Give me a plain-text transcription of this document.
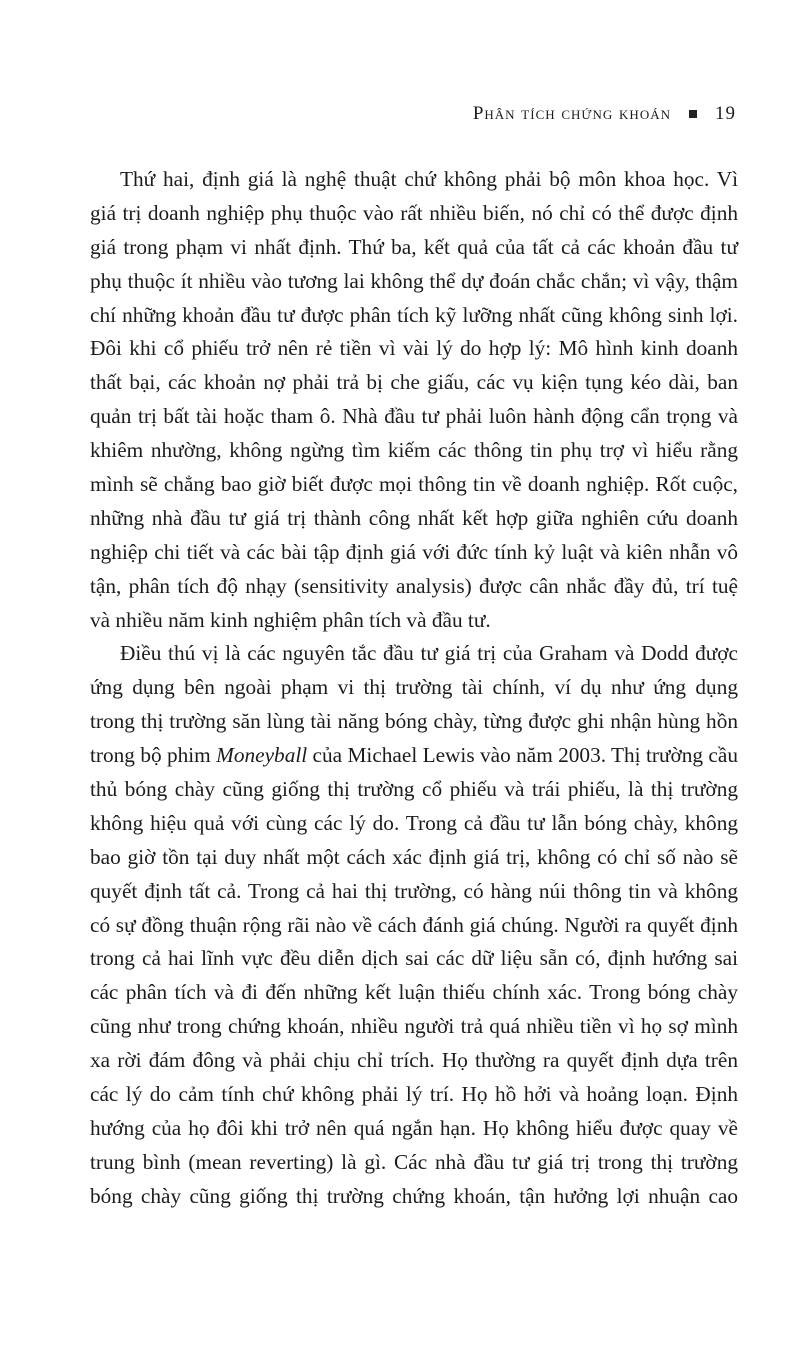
Phân tích chứng khoán 19
Thứ hai, định giá là nghệ thuật chứ không phải bộ môn khoa học. Vì
giá trị doanh nghiệp phụ thuộc vào rất nhiều biến, nó chỉ có thể được định
giá trong phạm vi nhất định. Thứ ba, kết quả của tất cả các khoản đầu tư
phụ thuộc ít nhiều vào tương lai không thể dự đoán chắc chắn; vì vậy, thậm
chí những khoản đầu tư được phân tích kỹ lưỡng nhất cũng không sinh lợi.
Đôi khi cổ phiếu trở nên rẻ tiền vì vài lý do hợp lý: Mô hình kinh doanh
thất bại, các khoản nợ phải trả bị che giấu, các vụ kiện tụng kéo dài, ban
quản trị bất tài hoặc tham ô. Nhà đầu tư phải luôn hành động cẩn trọng và
khiêm nhường, không ngừng tìm kiếm các thông tin phụ trợ vì hiểu rằng
mình sẽ chẳng bao giờ biết được mọi thông tin về doanh nghiệp. Rốt cuộc,
những nhà đầu tư giá trị thành công nhất kết hợp giữa nghiên cứu doanh
nghiệp chi tiết và các bài tập định giá với đức tính kỷ luật và kiên nhẫn vô
tận, phân tích độ nhạy (sensitivity analysis) được cân nhắc đầy đủ, trí tuệ
và nhiều năm kinh nghiệm phân tích và đầu tư.
Điều thú vị là các nguyên tắc đầu tư giá trị của Graham và Dodd được
ứng dụng bên ngoài phạm vi thị trường tài chính, ví dụ như ứng dụng
trong thị trường săn lùng tài năng bóng chày, từng được ghi nhận hùng hồn
trong bộ phim Moneyball của Michael Lewis vào năm 2003. Thị trường cầu
thủ bóng chày cũng giống thị trường cổ phiếu và trái phiếu, là thị trường
không hiệu quả với cùng các lý do. Trong cả đầu tư lẫn bóng chày, không
bao giờ tồn tại duy nhất một cách xác định giá trị, không có chỉ số nào sẽ
quyết định tất cả. Trong cả hai thị trường, có hàng núi thông tin và không
có sự đồng thuận rộng rãi nào về cách đánh giá chúng. Người ra quyết định
trong cả hai lĩnh vực đều diễn dịch sai các dữ liệu sẵn có, định hướng sai
các phân tích và đi đến những kết luận thiếu chính xác. Trong bóng chày
cũng như trong chứng khoán, nhiều người trả quá nhiều tiền vì họ sợ mình
xa rời đám đông và phải chịu chỉ trích. Họ thường ra quyết định dựa trên
các lý do cảm tính chứ không phải lý trí. Họ hồ hởi và hoảng loạn. Định
hướng của họ đôi khi trở nên quá ngắn hạn. Họ không hiểu được quay về
trung bình (mean reverting) là gì. Các nhà đầu tư giá trị trong thị trường
bóng chày cũng giống thị trường chứng khoán, tận hưởng lợi nhuận cao
